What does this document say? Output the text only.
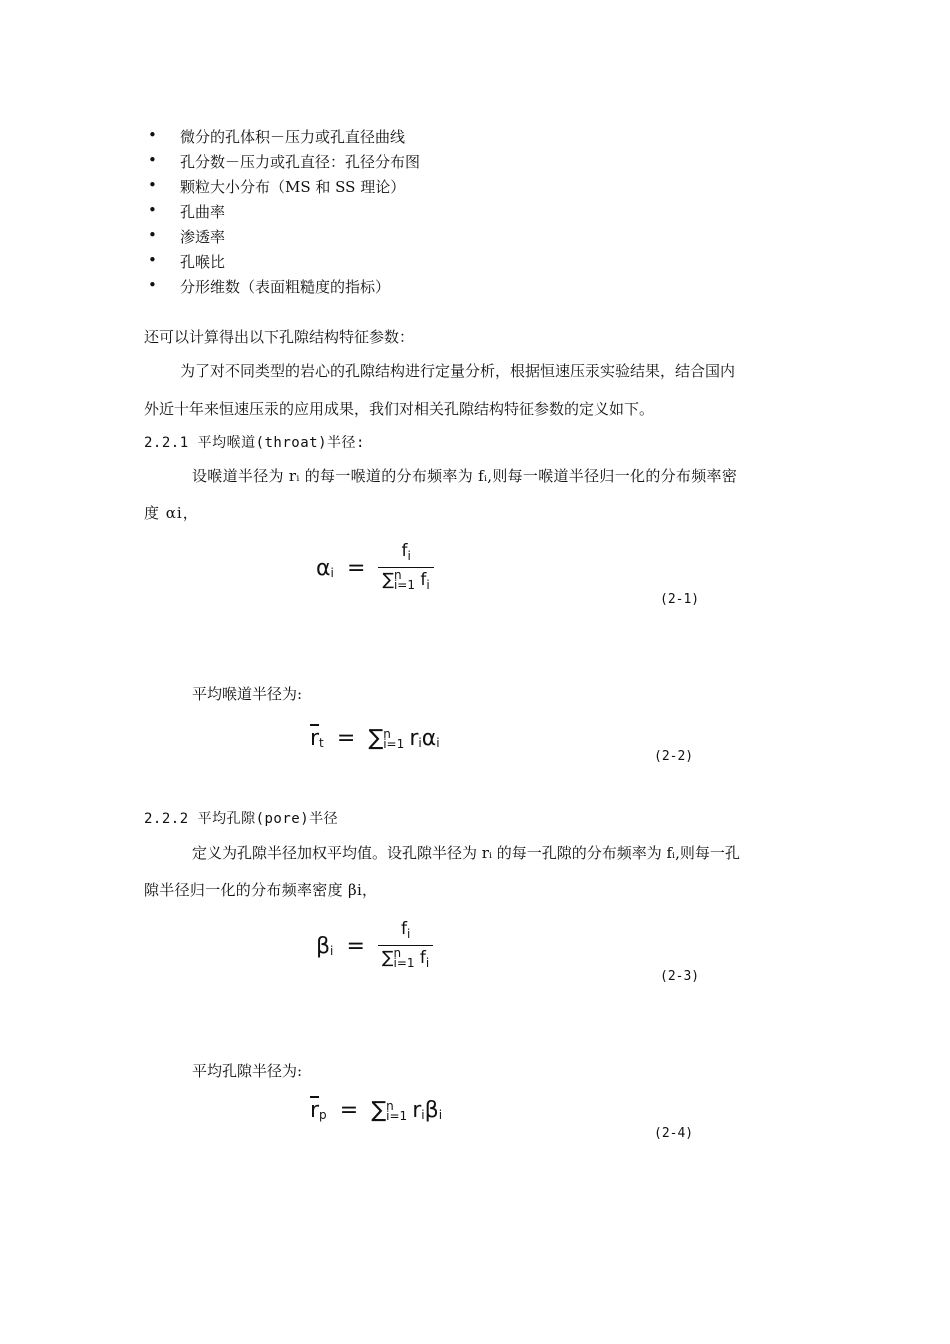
• 微分的孔体积－压力或孔直径曲线
• 孔分数－压力或孔直径：孔径分布图
• 颗粒大小分布（MS 和 SS 理论）
• 孔曲率
• 渗透率
• 孔喉比
• 分形维数（表面粗糙度的指标）
还可以计算得出以下孔隙结构特征参数：
为了对不同类型的岩心的孔隙结构进行定量分析，根据恒速压汞实验结果，结合国内
外近十年来恒速压汞的应用成果，我们对相关孔隙结构特征参数的定义如下。
2.2.1 平均喉道(throat)半径:
设喉道半径为 rᵢ 的每一喉道的分布频率为 fᵢ,则每一喉道半径归一化的分布频率密
度 αi，
$\alpha_i = f_i$
∑ n
i=1 $f_i$
(2-1)
平均喉道半径为:
$\overline{r}_t$ = ∑ n
i=1 $r_i\alpha_i$
(2-2)
2.2.2 平均孔隙(pore)半径
定义为孔隙半径加权平均值。设孔隙半径为 rᵢ 的每一孔隙的分布频率为 fᵢ,则每一孔
隙半径归一化的分布频率密度 βi，
$\beta_i = f_i$
∑ n
i=1 $f_i$
(2-3)
平均孔隙半径为:
$\overline{r}_p$ = ∑ n
i=1 $r_i\beta_i$
(2-4)
